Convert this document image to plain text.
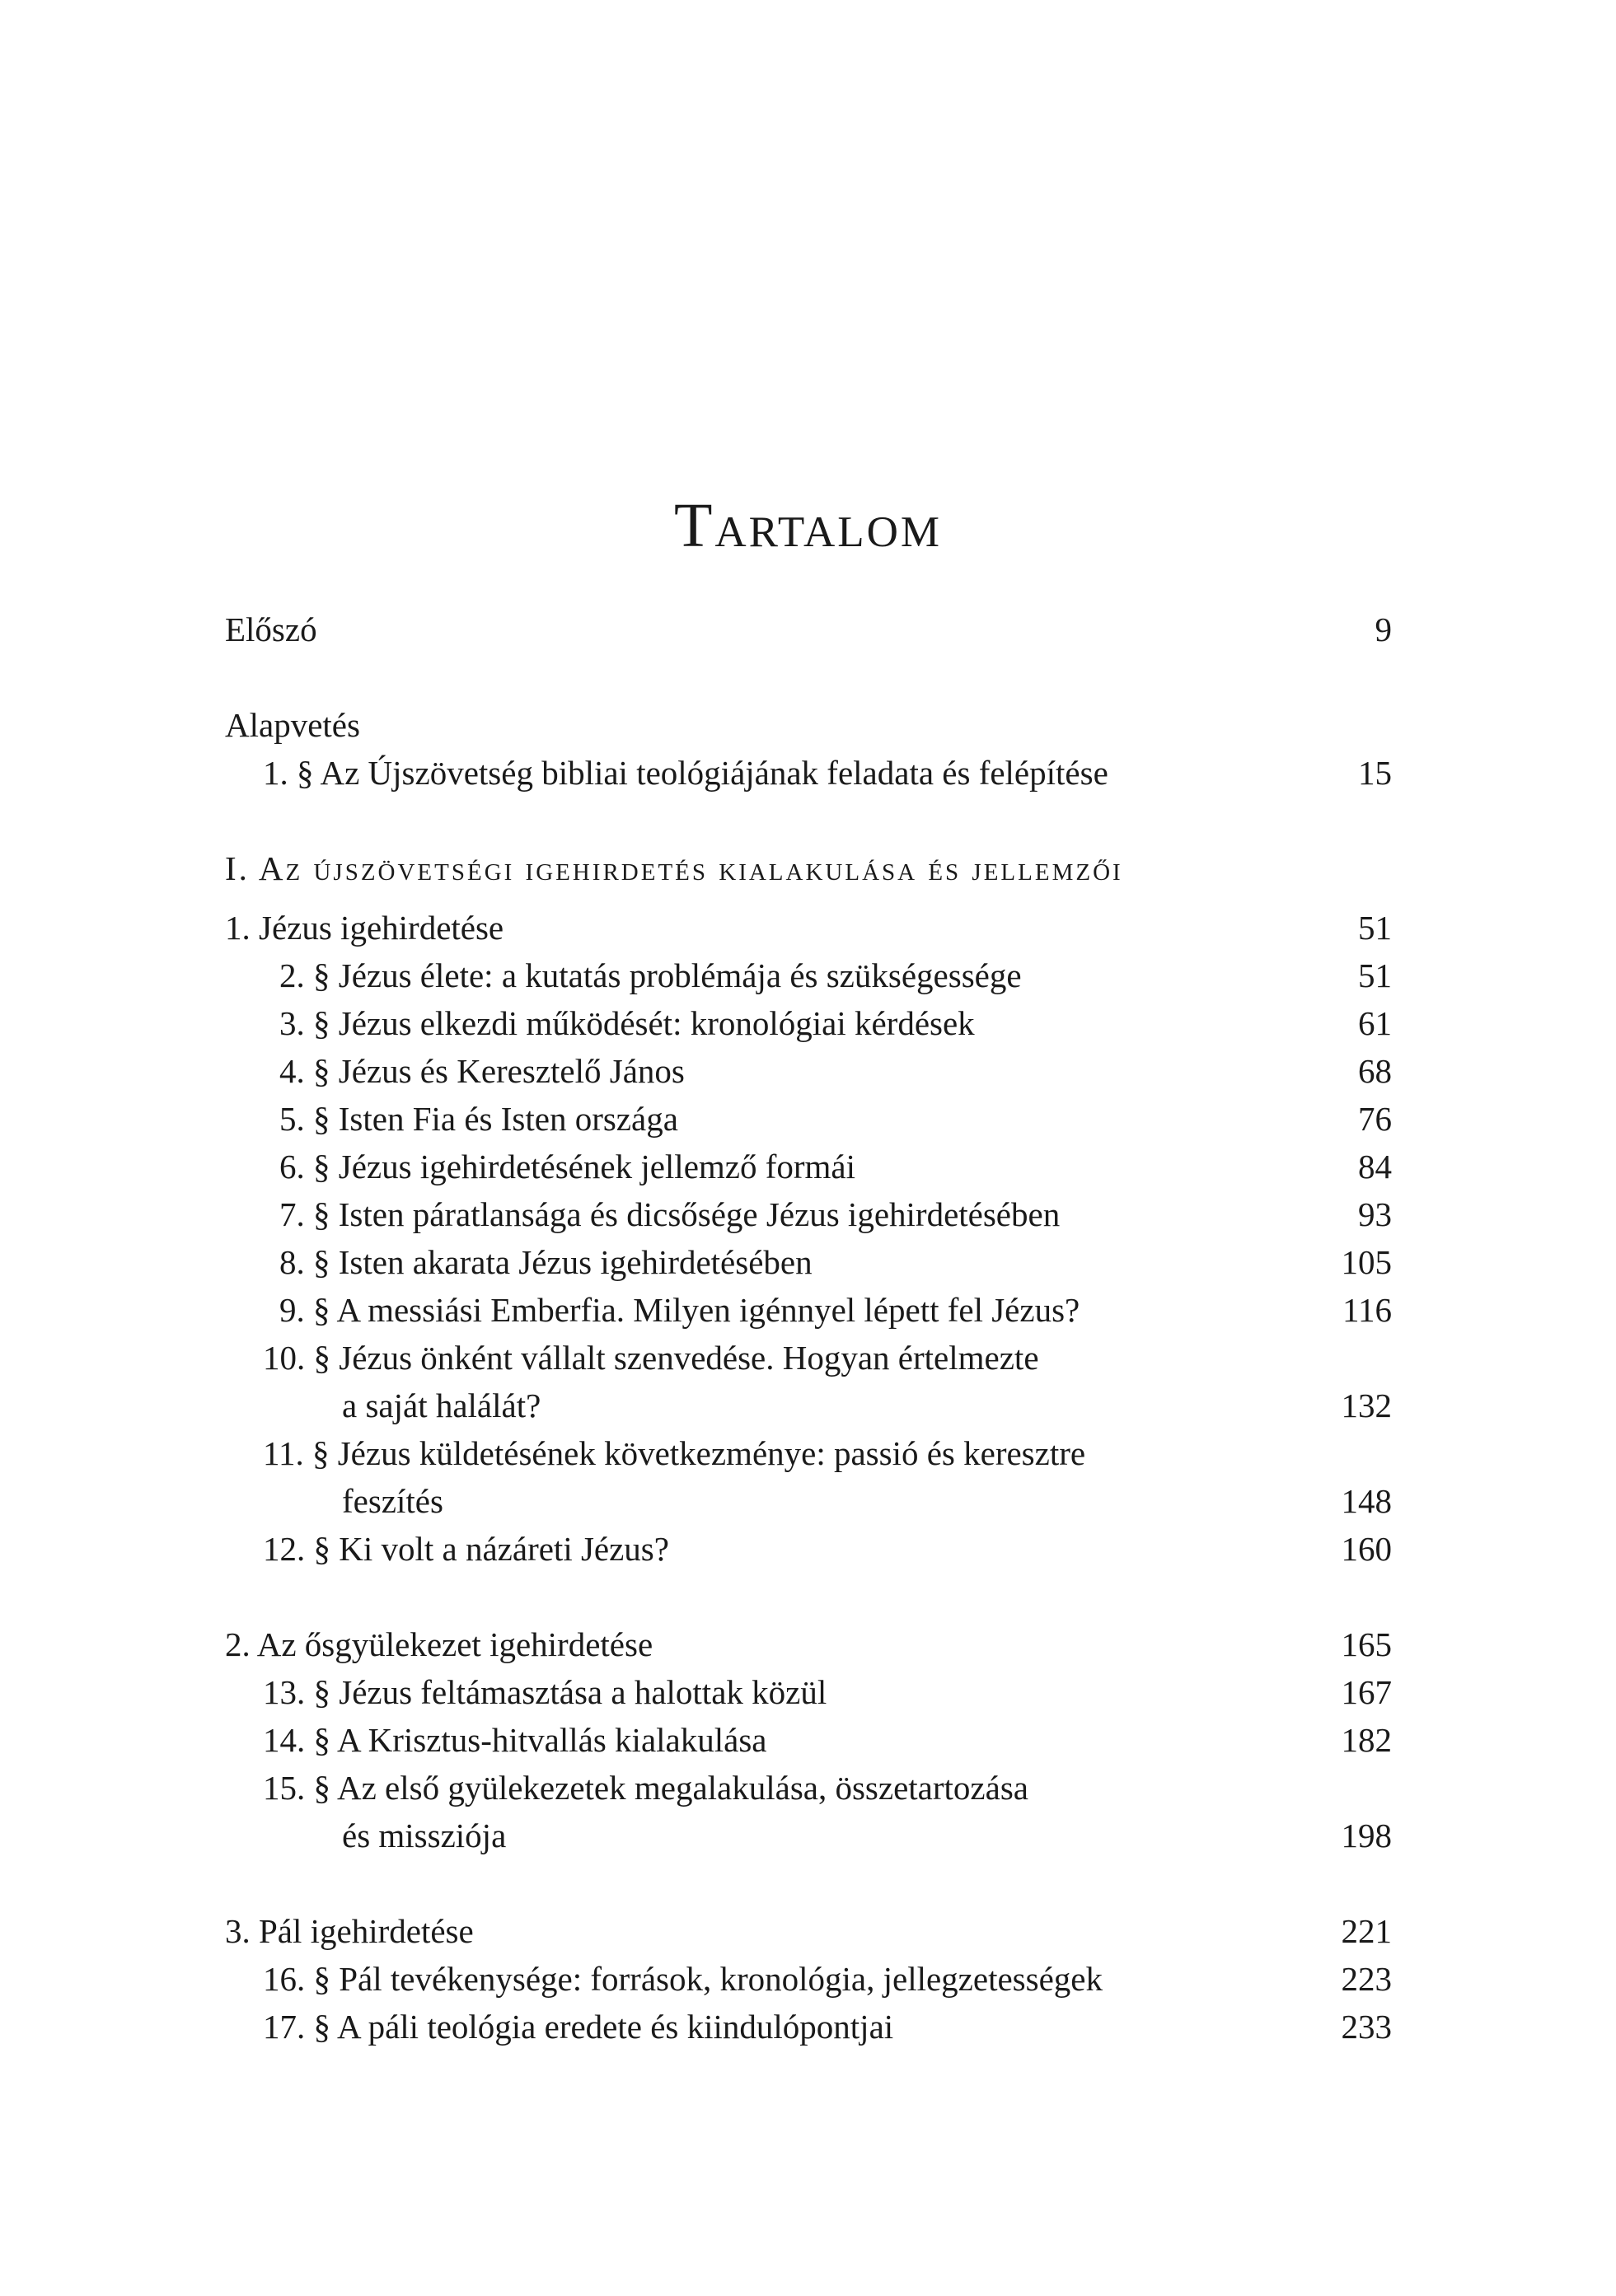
Tartalom
Előszó	9
Alapvetés
1. § Az Újszövetség bibliai teológiájának feladata és felépítése	15
I. Az újszövetségi igehirdetés kialakulása és jellemzői
1. Jézus igehirdetése	51
2. § Jézus élete: a kutatás problémája és szükségessége	51
3. § Jézus elkezdi működését: kronológiai kérdések	61
4. § Jézus és Keresztelő János	68
5. § Isten Fia és Isten országa	76
6. § Jézus igehirdetésének jellemző formái	84
7. § Isten páratlansága és dicsősége Jézus igehirdetésében	93
8. § Isten akarata Jézus igehirdetésében	105
9. § A messiási Emberfia. Milyen igénnyel lépett fel Jézus?	116
10. § Jézus önként vállalt szenvedése. Hogyan értelmezte
a saját halálát?	132
11. § Jézus küldetésének következménye: passió és keresztre
feszítés	148
12. § Ki volt a názáreti Jézus?	160
2. Az ősgyülekezet igehirdetése	165
13. § Jézus feltámasztása a halottak közül	167
14. § A Krisztus-hitvallás kialakulása	182
15. § Az első gyülekezetek megalakulása, összetartozása
és missziója	198
3. Pál igehirdetése	221
16. § Pál tevékenysége: források, kronológia, jellegzetességek	223
17. § A páli teológia eredete és kiindulópontjai	233
